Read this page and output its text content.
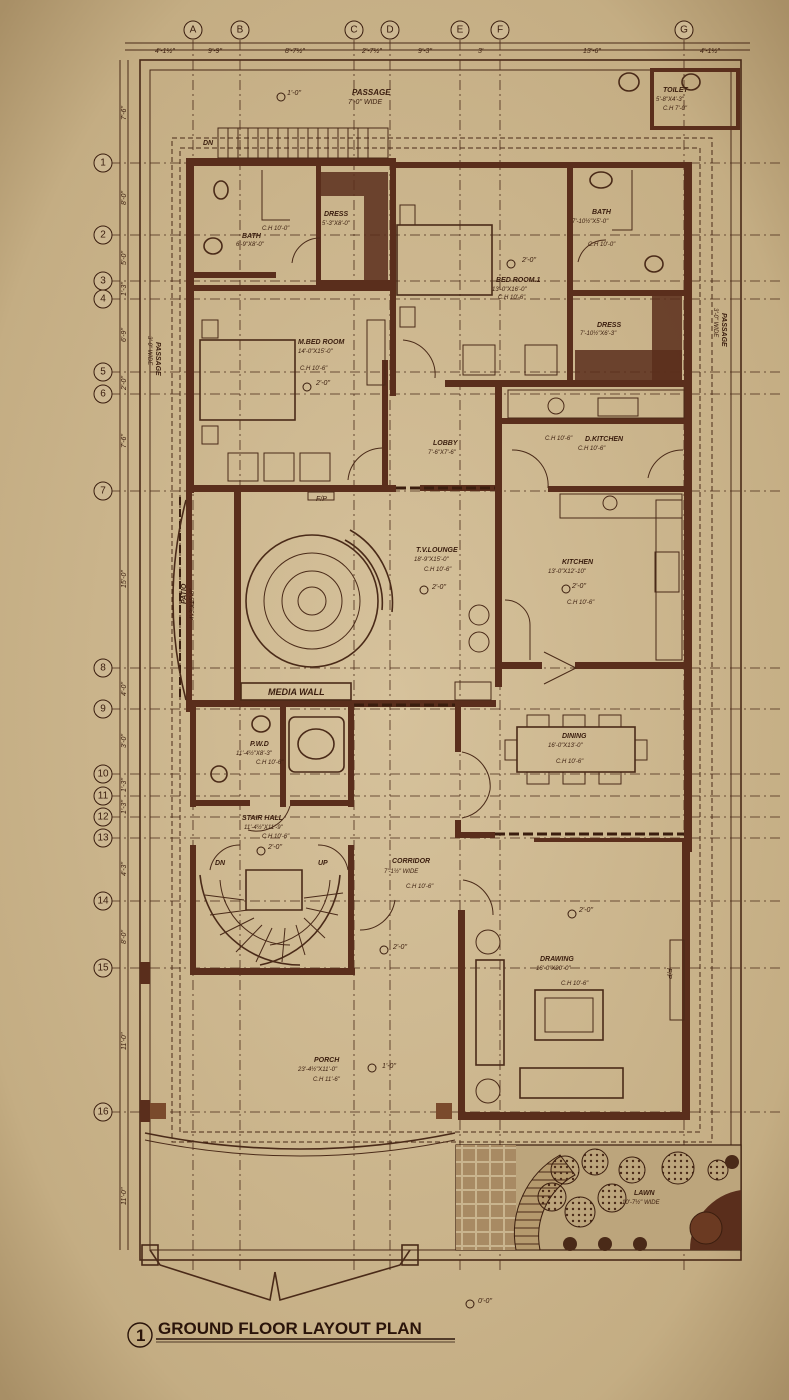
A	B	C	D	E	F	G
1
2
3
4
5
6
7
8
9
10
11
12
13
14
15
16
4'-1½"	9'-9"	8'-7½"	2'-7½"	9'-3"	3'	13'-6"	4'-1½"
7'-6"
8'-0"
5'-0"
1'-3"
6'-9"
2'-0"
7'-6"
15'-0"
4'-0"
3'-0"
1'-3"
1'-3"
4'-3"
8'-0"
11'-0"
11'-0"
PASSAGE
7'-0" WIDE
1'-0"	TOILET
5'-8"X4'-3"
C.H 7'-0"
BATH
6'-9"X8'-0"
C.H 10'-0"
DRESS
5'-3"X8'-0"
BATH
7'-10½"X5'-0"
C.H 10'-0"
BED ROOM.1
13'-0"X16'-0"
C.H 10'-6"
2'-0"
DRESS
7'-10½"X6'-3"
PASSAGE
3'-0" WIDE
PASSAGE
3'-0" WIDE
M.BED ROOM
14'-0"X15'-0"
C.H 10'-6"
2'-0"
LOBBY
7'-6"X7'-6"
D.KITCHEN
C.H 10'-6"
C.H 10'-6"
F/P
T.V.LOUNGE
18'-9"X15'-0"
C.H 10'-6"
2'-0"
KITCHEN
13'-0"X12'-10"
C.H 10'-6"
2'-0"
PATIO 4'-3"X15'-6"
MEDIA WALL
P.W.D
11'-4½"X8'-3"
C.H 10'-6"
DINING
16'-0"X13'-0"
C.H 10'-6"
STAIR HALL
11'-4½"X11'-9"
C.H 10'-6"
2'-0"
DN	UP
DN
CORRIDOR
7'-1½" WIDE
C.H 10'-6"
2'-0"
DRAWING
16'-0"X20'-0"
C.H 10'-6"
2'-0"
F/P
PORCH
23'-4½"X11'-0"
C.H 11'-6"
1'-0"
LAWN
10'-7½" WIDE
0'-0"
1 GROUND FLOOR LAYOUT PLAN
